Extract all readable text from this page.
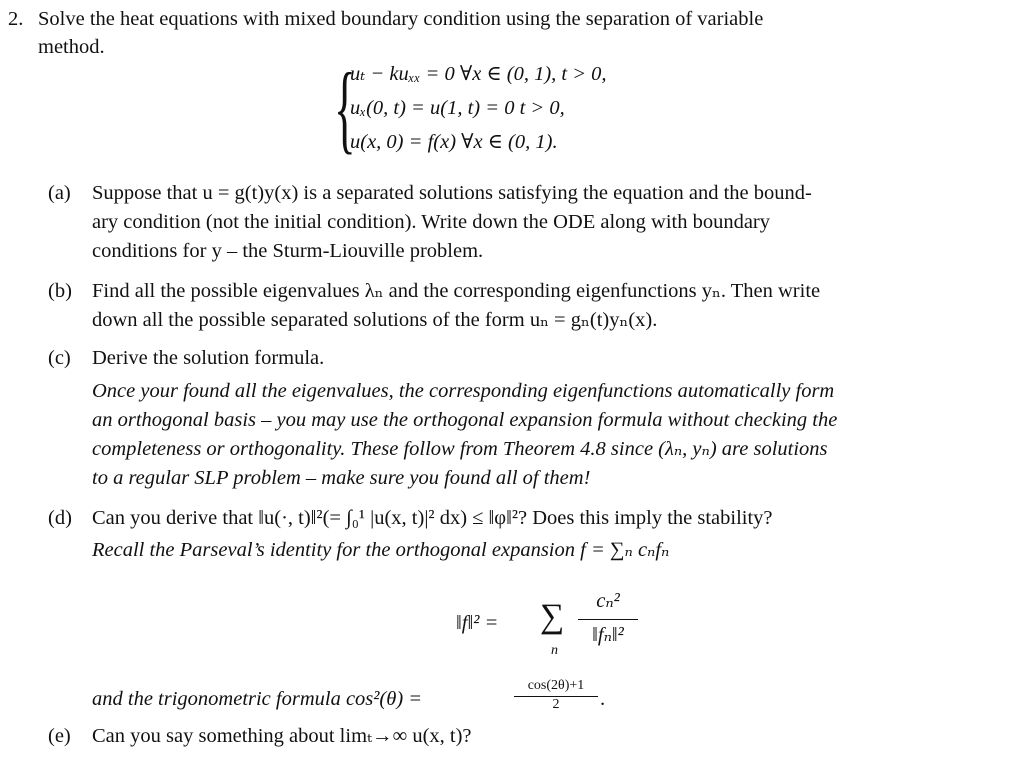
2. Solve the heat equations with mixed boundary condition using the separation of variable
method.
{
uₜ − kuₓₓ = 0 ∀x ∈ (0, 1), t > 0,
uₓ(0, t) = u(1, t) = 0 t > 0,
u(x, 0) = f(x) ∀x ∈ (0, 1).
(a) Suppose that u = g(t)y(x) is a separated solutions satisfying the equation and the bound-
ary condition (not the initial condition). Write down the ODE along with boundary
conditions for y – the Sturm-Liouville problem.
(b) Find all the possible eigenvalues λₙ and the corresponding eigenfunctions yₙ. Then write
down all the possible separated solutions of the form uₙ = gₙ(t)yₙ(x).
(c) Derive the solution formula.
Once your found all the eigenvalues, the corresponding eigenfunctions automatically form
an orthogonal basis – you may use the orthogonal expansion formula without checking the
completeness or orthogonality. These follow from Theorem 4.8 since (λₙ, yₙ) are solutions
to a regular SLP problem – make sure you found all of them!
(d) Can you derive that ‖u(·, t)‖²(= ∫₀¹ |u(x, t)|² dx) ≤ ‖φ‖²? Does this imply the stability?
Recall the Parseval’s identity for the orthogonal expansion f = ∑ₙ cₙfₙ
‖f‖² = ∑
n
cₙ²
‖fₙ‖²
and the trigonometric formula cos²(θ) =
cos(2θ)+1
2	.
(e) Can you say something about limₜ→∞ u(x, t)?
